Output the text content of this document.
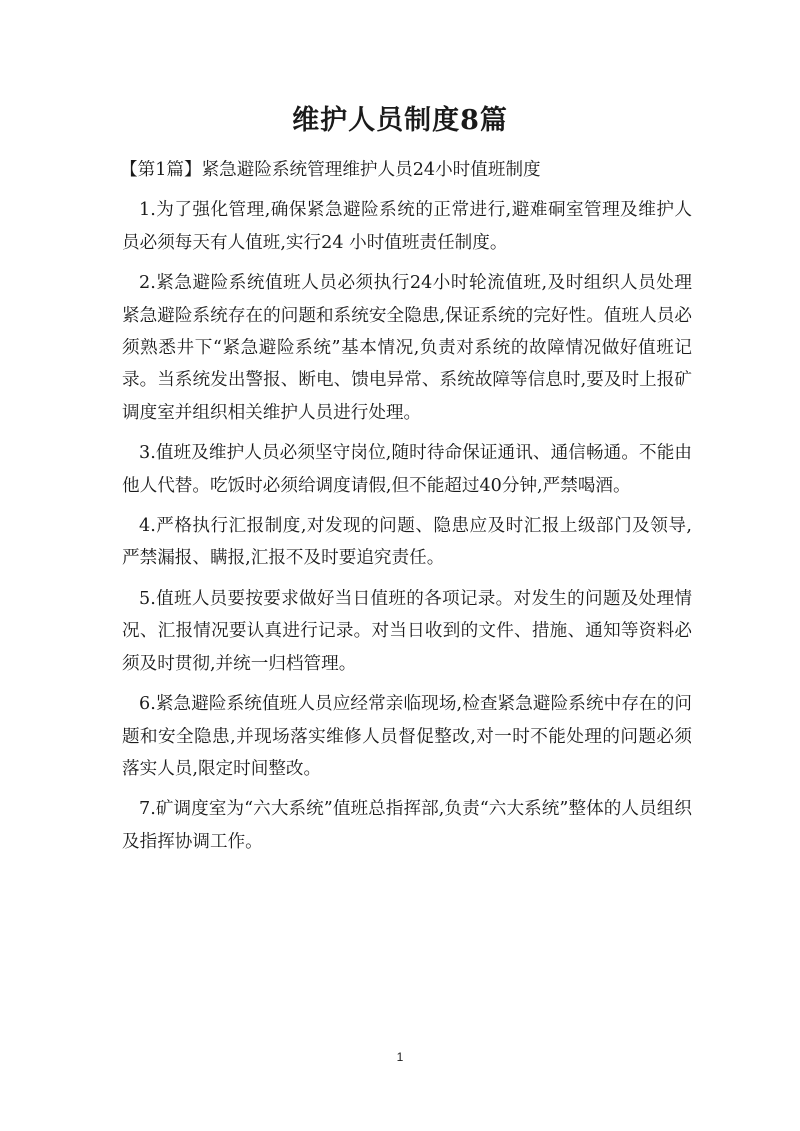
维护人员制度8篇

【第1篇】紧急避险系统管理维护人员24小时值班制度

1.为了强化管理,确保紧急避险系统的正常进行,避难硐室管理及维护人员必须每天有人值班,实行24 小时值班责任制度。

2.紧急避险系统值班人员必须执行24小时轮流值班,及时组织人员处理紧急避险系统存在的问题和系统安全隐患,保证系统的完好性。值班人员必须熟悉井下“紧急避险系统”基本情况,负责对系统的故障情况做好值班记录。当系统发出警报、断电、馈电异常、系统故障等信息时,要及时上报矿调度室并组织相关维护人员进行处理。

3.值班及维护人员必须坚守岗位,随时待命保证通讯、通信畅通。不能由他人代替。吃饭时必须给调度请假,但不能超过40分钟,严禁喝酒。

4.严格执行汇报制度,对发现的问题、隐患应及时汇报上级部门及领导,严禁漏报、瞒报,汇报不及时要追究责任。

5.值班人员要按要求做好当日值班的各项记录。对发生的问题及处理情况、汇报情况要认真进行记录。对当日收到的文件、措施、通知等资料必须及时贯彻,并统一归档管理。

6.紧急避险系统值班人员应经常亲临现场,检查紧急避险系统中存在的问题和安全隐患,并现场落实维修人员督促整改,对一时不能处理的问题必须落实人员,限定时间整改。

7.矿调度室为“六大系统”值班总指挥部,负责“六大系统”整体的人员组织及指挥协调工作。

1
